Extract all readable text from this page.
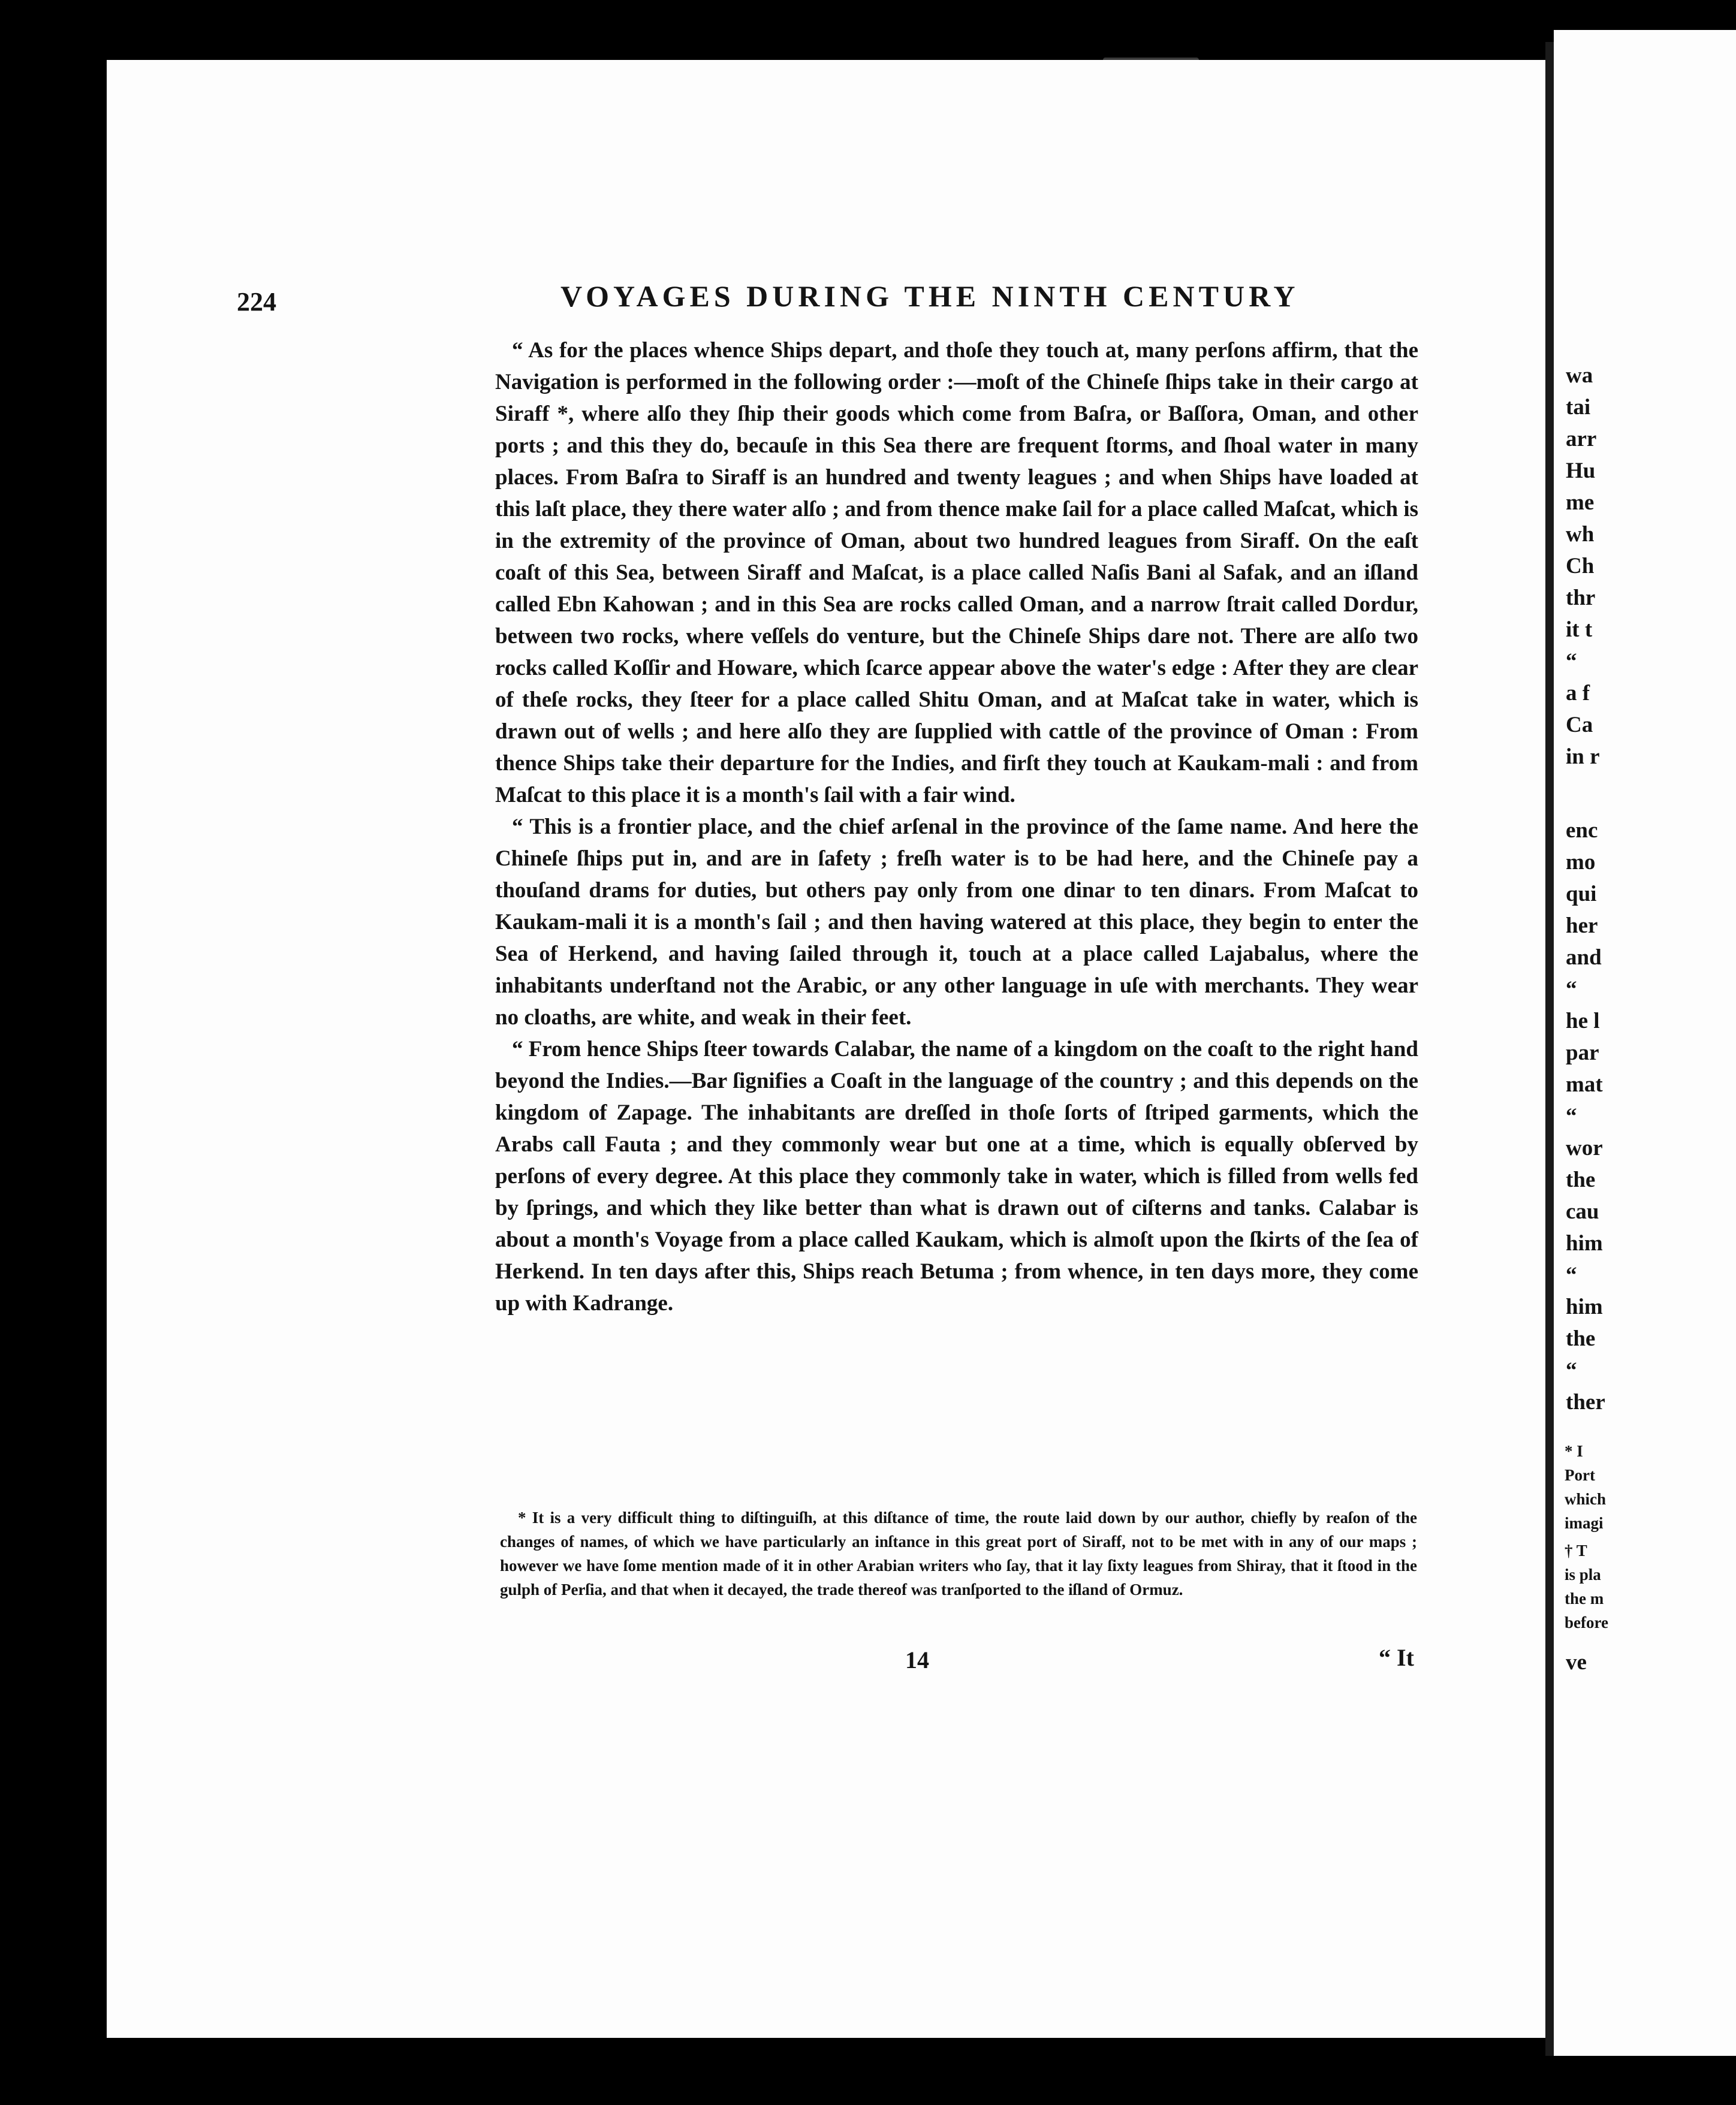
224	VOYAGES DURING THE NINTH CENTURY

“ As for the places whence Ships depart, and thoſe they touch at, many perſons affirm, that the Navigation is performed in the following order :—moſt of the Chineſe ſhips take in their cargo at Siraff *, where alſo they ſhip their goods which come from Baſra, or Baſſora, Oman, and other ports ; and this they do, becauſe in this Sea there are frequent ſtorms, and ſhoal water in many places. From Baſra to Siraff is an hundred and twenty leagues ; and when Ships have loaded at this laſt place, they there water alſo ; and from thence make ſail for a place called Maſcat, which is in the extremity of the province of Oman, about two hundred leagues from Siraff. On the eaſt coaſt of this Sea, between Siraff and Maſcat, is a place called Naſis Bani al Safak, and an iſland called Ebn Kahowan ; and in this Sea are rocks called Oman, and a narrow ſtrait called Dordur, between two rocks, where veſſels do venture, but the Chineſe Ships dare not. There are alſo two rocks called Koſſir and Howare, which ſcarce appear above the water's edge : After they are clear of theſe rocks, they ſteer for a place called Shitu Oman, and at Maſcat take in water, which is drawn out of wells ; and here alſo they are ſupplied with cattle of the province of Oman : From thence Ships take their departure for the Indies, and firſt they touch at Kaukam-mali : and from Maſcat to this place it is a month's ſail with a fair wind.

“ This is a frontier place, and the chief arſenal in the province of the ſame name. And here the Chineſe ſhips put in, and are in ſafety ; freſh water is to be had here, and the Chineſe pay a thouſand drams for duties, but others pay only from one dinar to ten dinars. From Maſcat to Kaukam-mali it is a month's ſail ; and then having watered at this place, they begin to enter the Sea of Herkend, and having ſailed through it, touch at a place called Lajabalus, where the inhabitants underſtand not the Arabic, or any other language in uſe with merchants. They wear no cloaths, are white, and weak in their feet.

“ From hence Ships ſteer towards Calabar, the name of a kingdom on the coaſt to the right hand beyond the Indies.—Bar ſignifies a Coaſt in the language of the country ; and this depends on the kingdom of Zapage. The inhabitants are dreſſed in thoſe ſorts of ſtriped garments, which the Arabs call Fauta ; and they commonly wear but one at a time, which is equally obſerved by perſons of every degree. At this place they commonly take in water, which is filled from wells fed by ſprings, and which they like better than what is drawn out of ciſterns and tanks. Calabar is about a month's Voyage from a place called Kaukam, which is almoſt upon the ſkirts of the ſea of Herkend. In ten days after this, Ships reach Betuma ; from whence, in ten days more, they come up with Kadrange.

* It is a very difficult thing to diſtinguiſh, at this diſtance of time, the route laid down by our author, chiefly by reaſon of the changes of names, of which we have particularly an inſtance in this great port of Siraff, not to be met with in any of our maps ; however we have ſome mention made of it in other Arabian writers who ſay, that it lay ſixty leagues from Shiray, that it ſtood in the gulph of Perſia, and that when it decayed, the trade thereof was tranſported to the iſland of Ormuz.
14	“ It
wa
tai
arr
Hu
me
wh
Ch
thr
it t
“
a f
Ca
in r
enc
mo
qui
her
and
“
he l
par
mat
“
wor
the
cau
him
“
him
the
“
ther
* I
Port
which
imagi
† T
is pla
the m
before
ve
